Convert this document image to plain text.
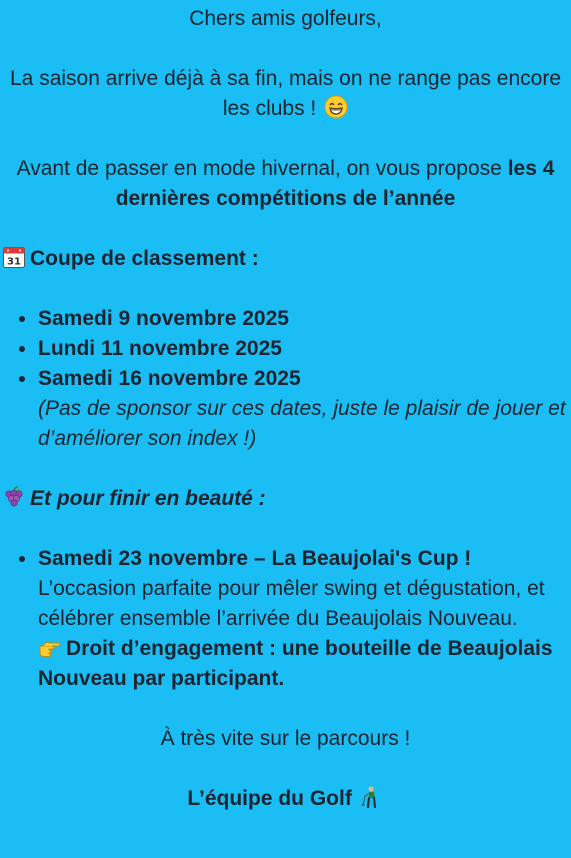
Chers amis golfeurs,

La saison arrive déjà à sa fin, mais on ne range pas encore les clubs !

Avant de passer en mode hivernal, on vous propose les 4 dernières compétitions de l’année

31 Coupe de classement :

• Samedi 9 novembre 2025
• Lundi 11 novembre 2025
• Samedi 16 novembre 2025
(Pas de sponsor sur ces dates, juste le plaisir de jouer et d’améliorer son index !)

Et pour finir en beauté :

• Samedi 23 novembre – La Beaujolai's Cup !
L’occasion parfaite pour mêler swing et dégustation, et célébrer ensemble l’arrivée du Beaujolais Nouveau.
Droit d’engagement : une bouteille de Beaujolais Nouveau par participant.

À très vite sur le parcours !

L’équipe du Golf
